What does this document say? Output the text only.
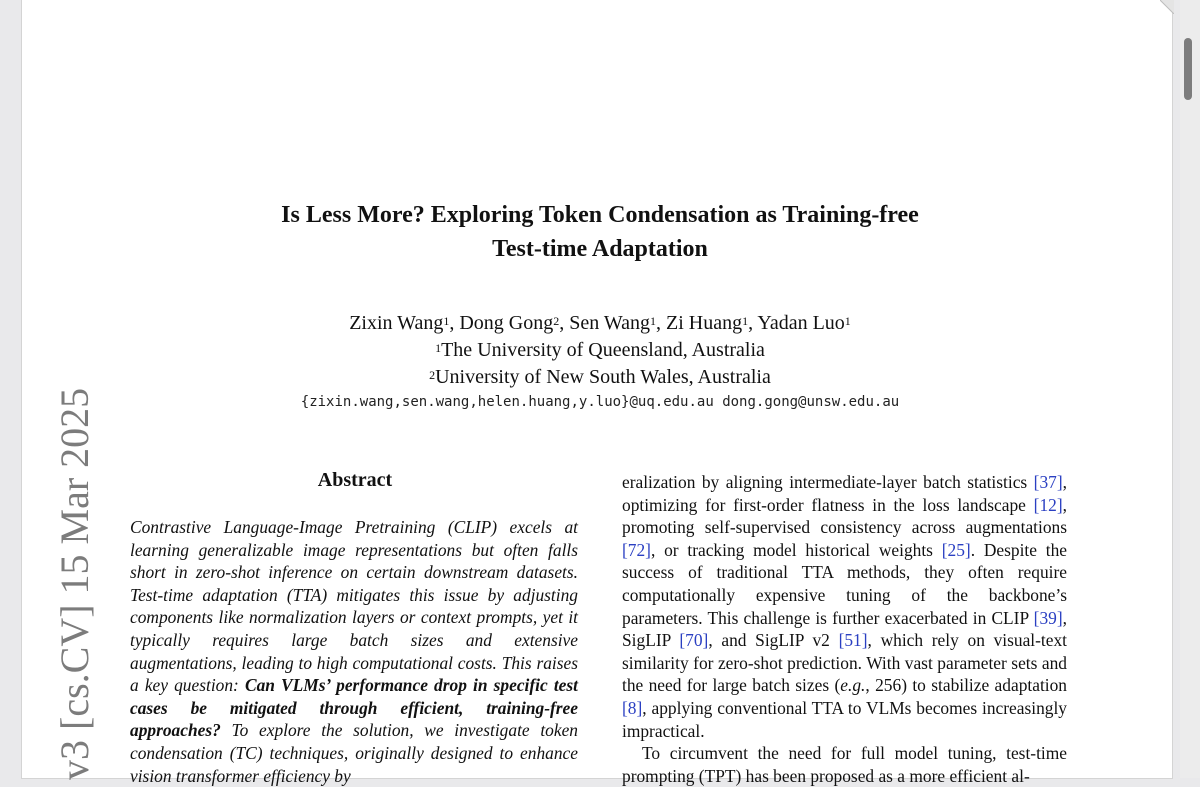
Is Less More? Exploring Token Condensation as Training-free
Test-time Adaptation
Zixin Wang$^1$, Dong Gong$^2$, Sen Wang$^1$, Zi Huang$^1$, Yadan Luo$^1$
$^1$The University of Queensland, Australia
$^2$University of New South Wales, Australia
{zixin.wang,sen.wang,helen.huang,y.luo}@uq.edu.au dong.gong@unsw.edu.au
v3 [cs.CV] 15 Mar 2025	Abstract
Contrastive Language-Image Pretraining (CLIP) excels at learning generalizable image representations but often falls short in zero-shot inference on certain downstream datasets. Test-time adaptation (TTA) mitigates this issue by adjusting components like normalization layers or context prompts, yet it typically requires large batch sizes and extensive augmentations, leading to high computational costs. This raises a key question: Can VLMs’ performance drop in specific test cases be mitigated through efficient, training-free approaches? To explore the solution, we investigate token condensation (TC) techniques, originally designed to enhance vision transformer efficiency by

eralization by aligning intermediate-layer batch statistics [37], optimizing for first-order flatness in the loss landscape [12], promoting self-supervised consistency across augmentations [72], or tracking model historical weights [25]. Despite the success of traditional TTA methods, they often require computationally expensive tuning of the backbone’s parameters. This challenge is further exacerbated in CLIP [39], SigLIP [70], and SigLIP v2 [51], which rely on visual-text similarity for zero-shot prediction. With vast parameter sets and the need for large batch sizes (e.g., 256) to stabilize adaptation [8], applying conventional TTA to VLMs becomes increasingly impractical.

To circumvent the need for full model tuning, test-time prompting (TPT) has been proposed as a more efficient al-
